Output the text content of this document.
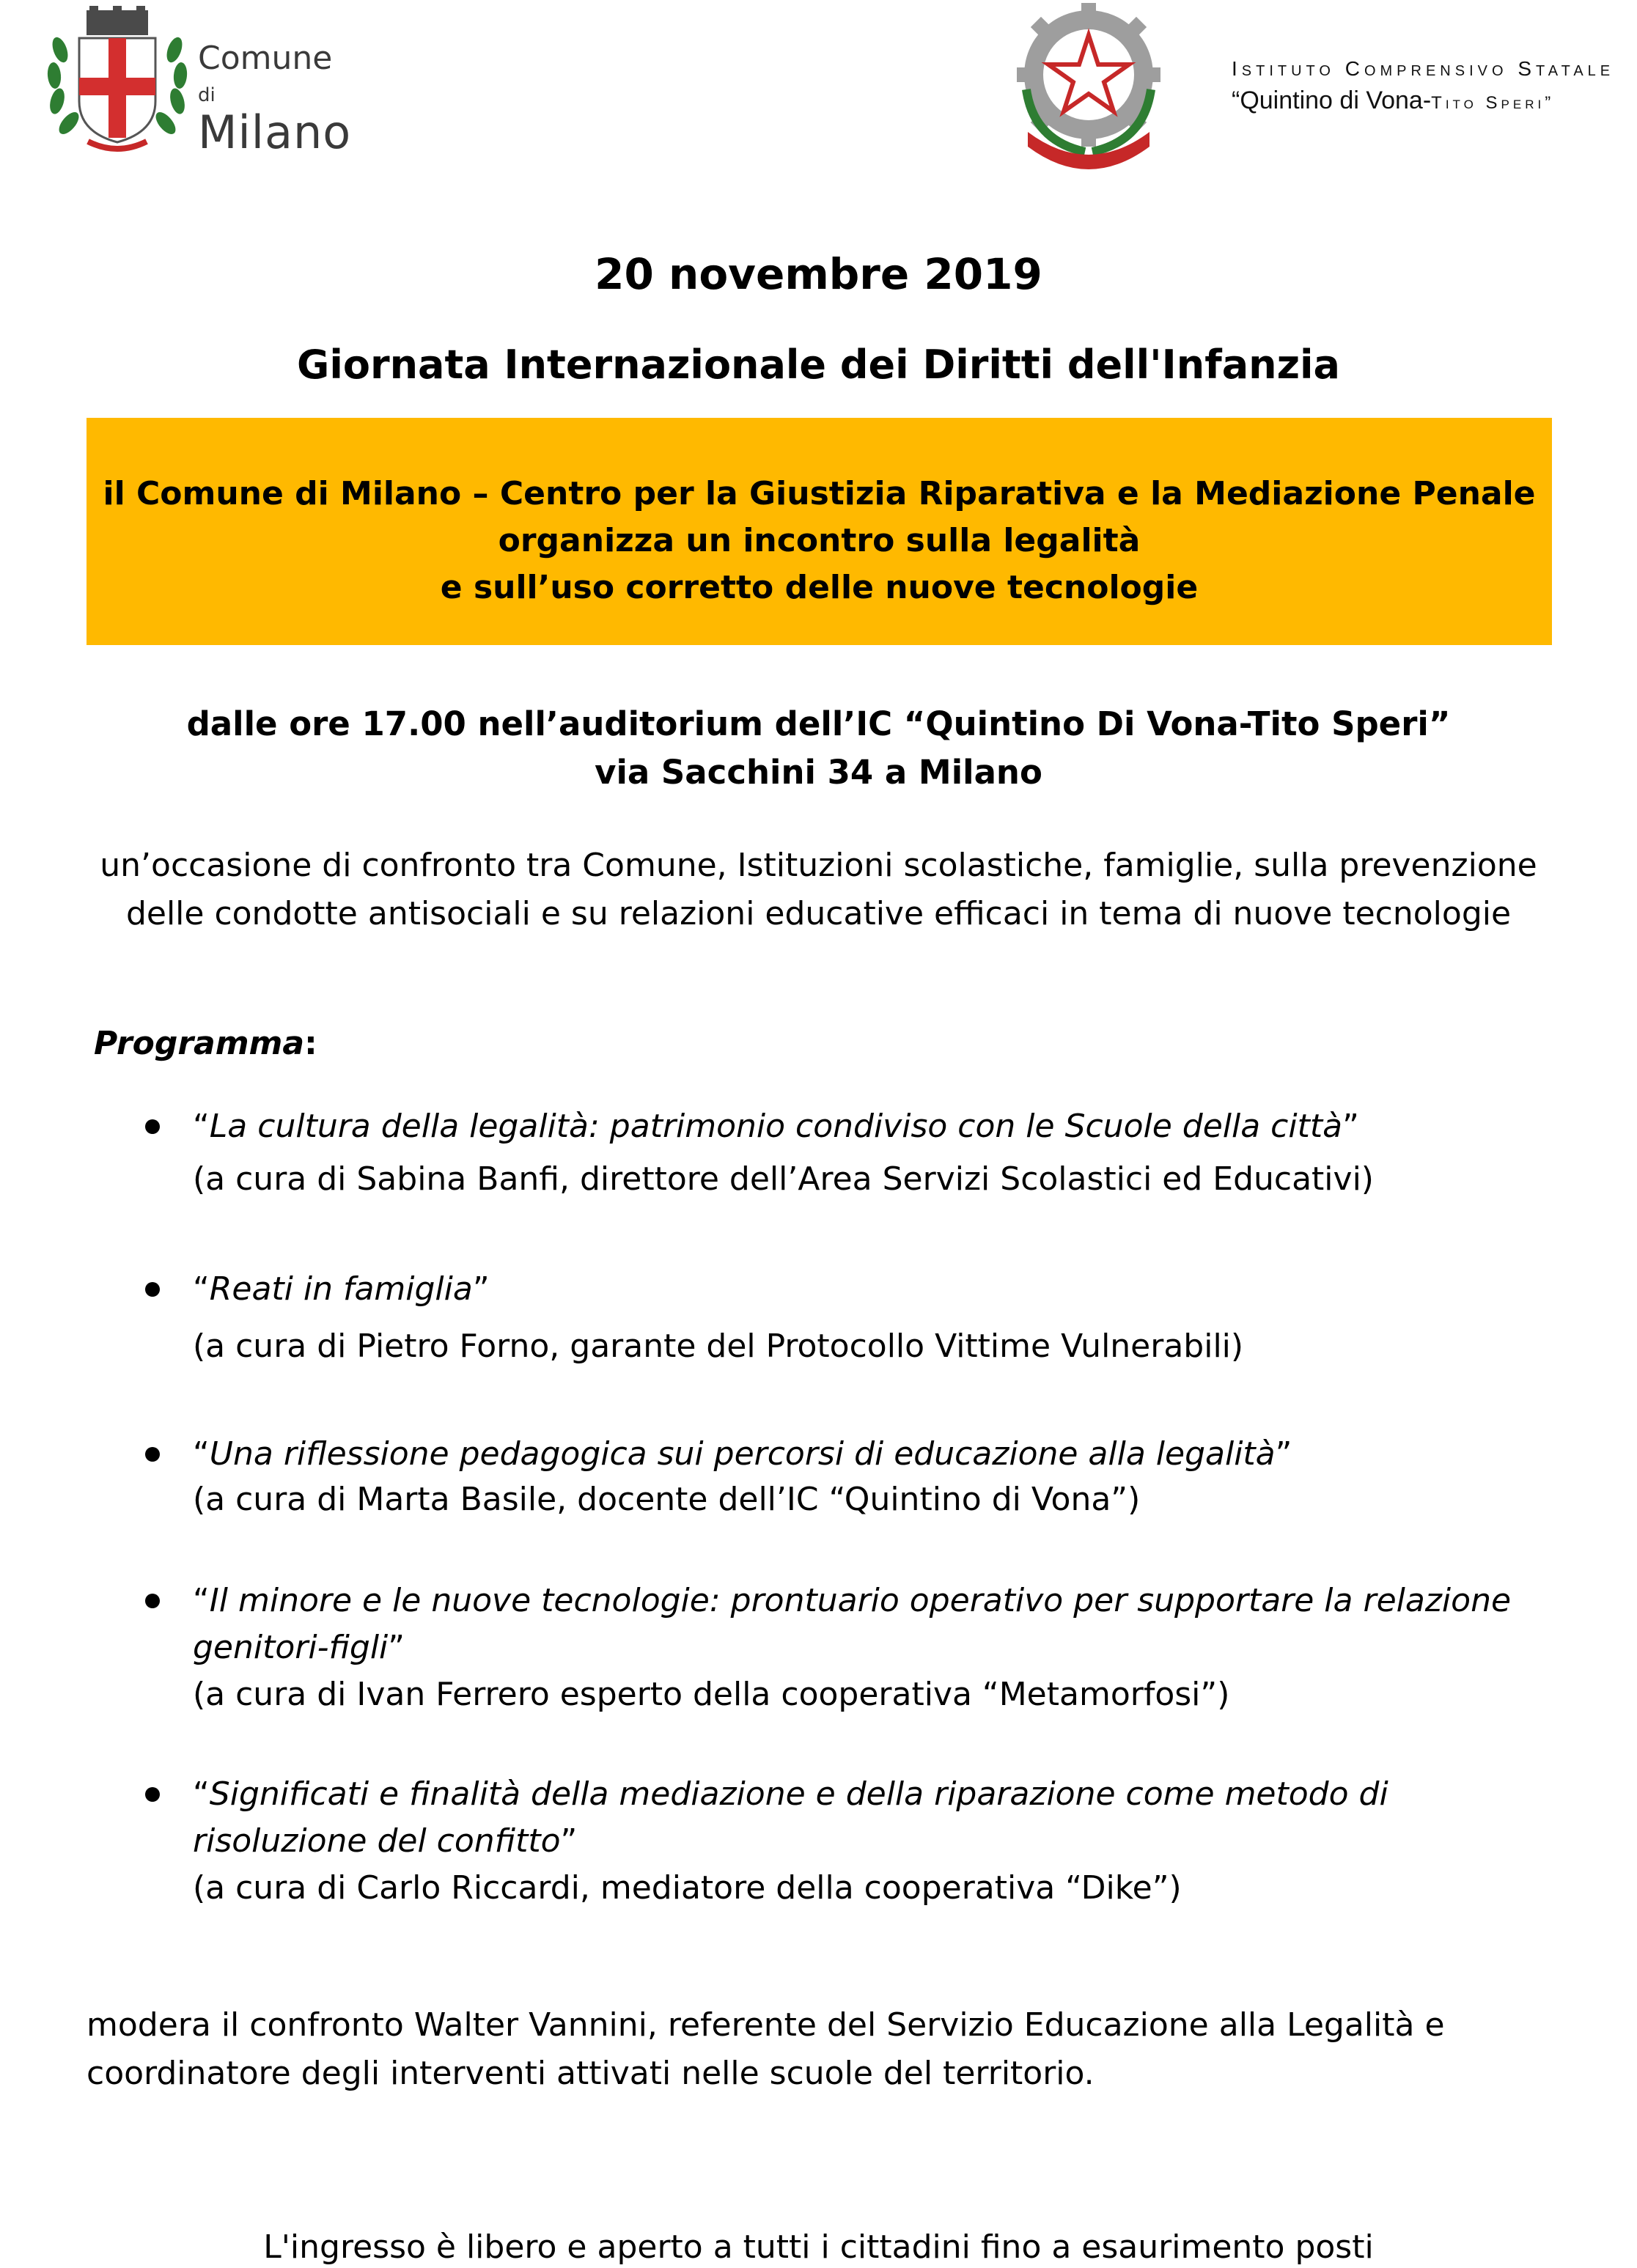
Comune di
Milano
Istituto Comprensivo Statale
“Quintino di Vona-Tito Speri”
20 novembre 2019
Giornata Internazionale dei Diritti dell'Infanzia
il Comune di Milano – Centro per la Giustizia Riparativa e la Mediazione Penale
organizza un incontro sulla legalità
e sull’uso corretto delle nuove tecnologie
dalle ore 17.00 nell’auditorium dell’IC “Quintino Di Vona-Tito Speri”
via Sacchini 34 a Milano
un’occasione di confronto tra Comune, Istituzioni scolastiche, famiglie, sulla prevenzione
delle condotte antisociali e su relazioni educative efficaci in tema di nuove tecnologie
Programma:
“La cultura della legalità: patrimonio condiviso con le Scuole della città”
(a cura di Sabina Banfi, direttore dell’Area Servizi Scolastici ed Educativi)
“Reati in famiglia”
(a cura di Pietro Forno, garante del Protocollo Vittime Vulnerabili)
“Una riflessione pedagogica sui percorsi di educazione alla legalità”
(a cura di Marta Basile, docente dell’IC “Quintino di Vona”)
“Il minore e le nuove tecnologie: prontuario operativo per supportare la relazione
genitori-figli”
(a cura di Ivan Ferrero esperto della cooperativa “Metamorfosi”)
“Significati e finalità della mediazione e della riparazione come metodo di
risoluzione del confitto”
(a cura di Carlo Riccardi, mediatore della cooperativa “Dike”)
modera il confronto Walter Vannini, referente del Servizio Educazione alla Legalità e
coordinatore degli interventi attivati nelle scuole del territorio.
L'ingresso è libero e aperto a tutti i cittadini fino a esaurimento posti
